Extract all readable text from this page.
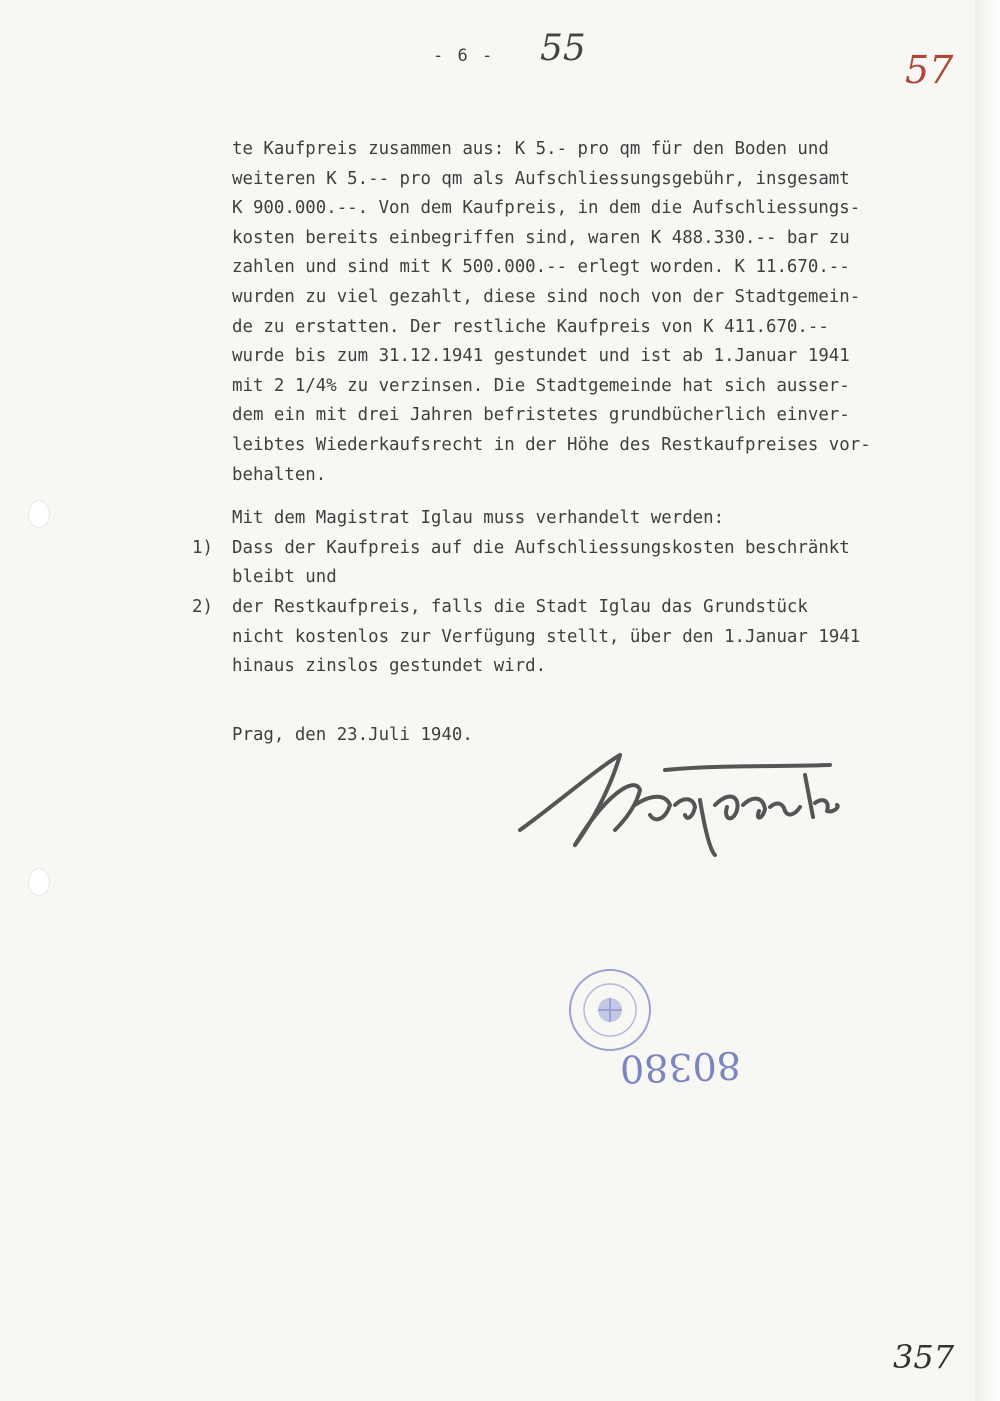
- 6 - 55	57
te Kaufpreis zusammen aus: K 5.- pro qm für den Boden und
weiteren K 5.-- pro qm als Aufschliessungsgebühr, insgesamt
K 900.000.--. Von dem Kaufpreis, in dem die Aufschliessungs-
kosten bereits einbegriffen sind, waren K 488.330.-- bar zu
zahlen und sind mit K 500.000.-- erlegt worden. K 11.670.--
wurden zu viel gezahlt, diese sind noch von der Stadtgemein-
de zu erstatten. Der restliche Kaufpreis von K 411.670.--
wurde bis zum 31.12.1941 gestundet und ist ab 1.Januar 1941
mit 2 1/4% zu verzinsen. Die Stadtgemeinde hat sich ausser-
dem ein mit drei Jahren befristetes grundbücherlich einver-
leibtes Wiederkaufsrecht in der Höhe des Restkaufpreises vor-
behalten.
Mit dem Magistrat Iglau muss verhandelt werden:
1) Dass der Kaufpreis auf die Aufschliessungskosten beschränkt
bleibt und
2) der Restkaufpreis, falls die Stadt Iglau das Grundstück
nicht kostenlos zur Verfügung stellt, über den 1.Januar 1941
hinaus zinslos gestundet wird.
Prag, den 23.Juli 1940.
80380
357
